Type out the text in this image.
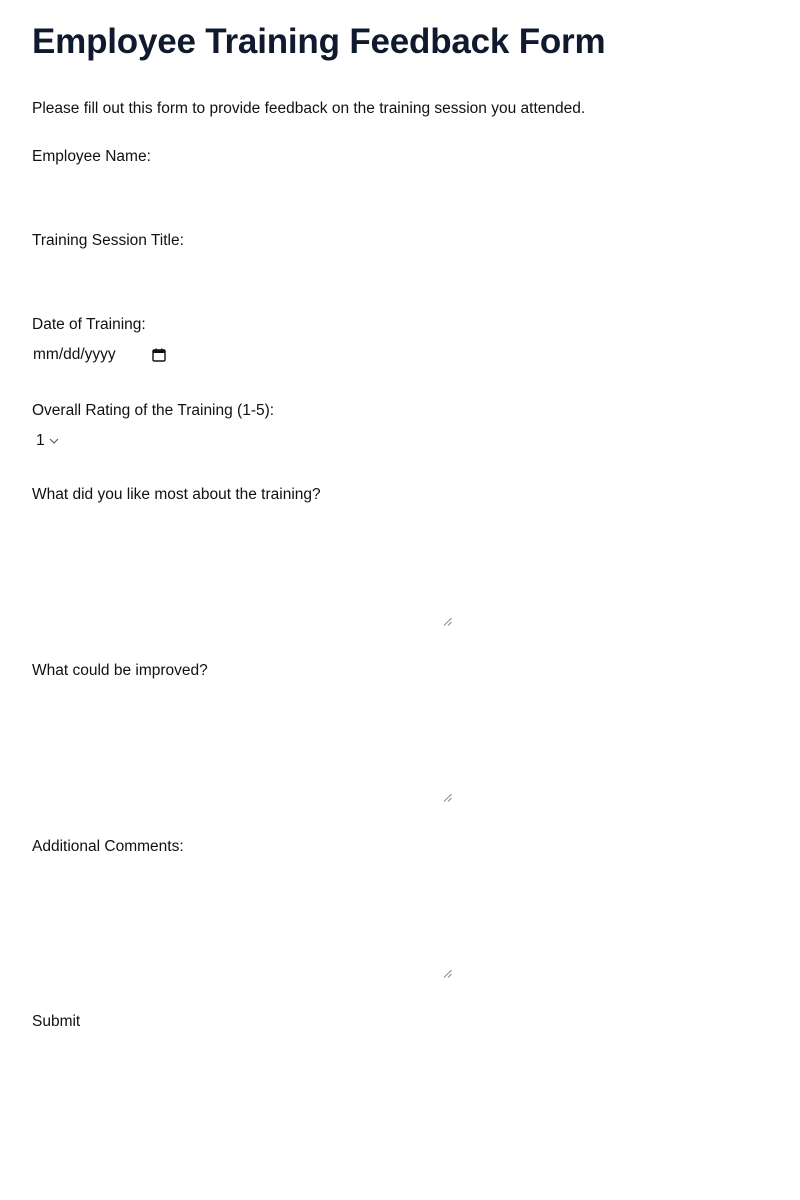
Employee Training Feedback Form

Please fill out this form to provide feedback on the training session you attended.

Employee Name:
Training Session Title:
Date of Training:
mm/dd/yyyy
Overall Rating of the Training (1-5):
1
What did you like most about the training?
What could be improved?
Additional Comments:
Submit
